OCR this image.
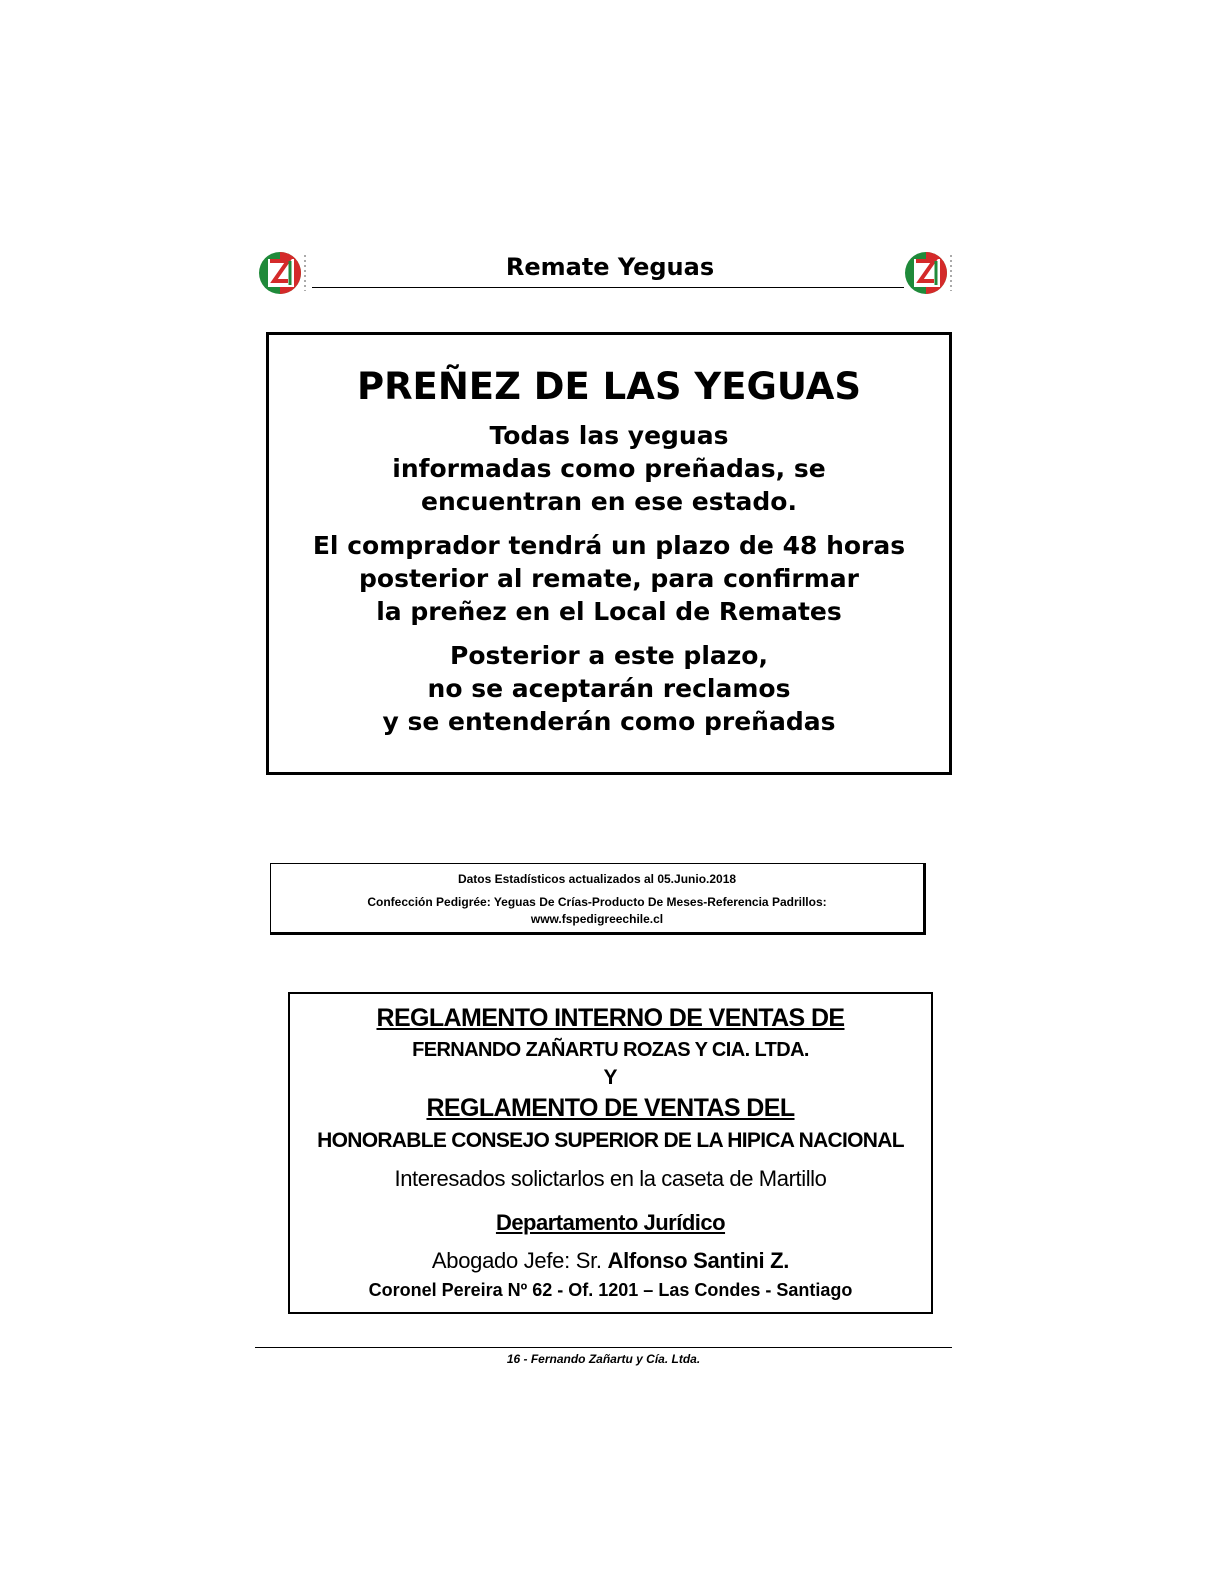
Remate Yeguas
PREÑEZ DE LAS YEGUAS
Todas las yeguas
informadas como preñadas, se
encuentran en ese estado.
El comprador tendrá un plazo de 48 horas
posterior al remate, para confirmar
la preñez en el Local de Remates
Posterior a este plazo,
no se aceptarán reclamos
y se entenderán como preñadas
Datos Estadísticos actualizados al 05.Junio.2018
Confección Pedigrée: Yeguas De Crías-Producto De Meses-Referencia Padrillos:
www.fspedigreechile.cl
REGLAMENTO INTERNO DE VENTAS DE
FERNANDO ZAÑARTU ROZAS Y CIA. LTDA.
Y
REGLAMENTO DE VENTAS DEL
HONORABLE CONSEJO SUPERIOR DE LA HIPICA NACIONAL
Interesados solictarlos en la caseta de Martillo
Departamento Jurídico
Abogado Jefe: Sr. Alfonso Santini Z.
Coronel Pereira Nº 62 - Of. 1201 – Las Condes - Santiago
16 - Fernando Zañartu y Cía. Ltda.
